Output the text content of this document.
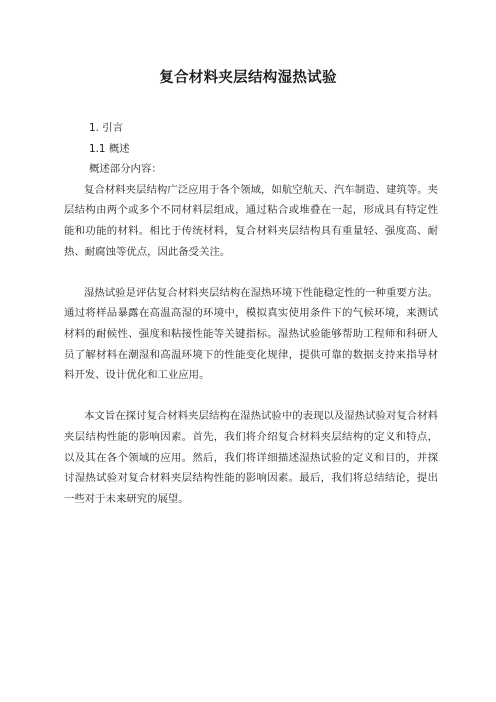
复合材料夹层结构湿热试验

1. 引言

1.1 概述

概述部分内容：

复合材料夹层结构广泛应用于各个领域，如航空航天、汽车制造、建筑等。夹层结构由两个或多个不同材料层组成，通过粘合或堆叠在一起，形成具有特定性能和功能的材料。相比于传统材料，复合材料夹层结构具有重量轻、强度高、耐热、耐腐蚀等优点，因此备受关注。

湿热试验是评估复合材料夹层结构在湿热环境下性能稳定性的一种重要方法。通过将样品暴露在高温高湿的环境中，模拟真实使用条件下的气候环境，来测试材料的耐候性、强度和粘接性能等关键指标。湿热试验能够帮助工程师和科研人员了解材料在潮湿和高温环境下的性能变化规律，提供可靠的数据支持来指导材料开发、设计优化和工业应用。

本文旨在探讨复合材料夹层结构在湿热试验中的表现以及湿热试验对复合材料夹层结构性能的影响因素。首先，我们将介绍复合材料夹层结构的定义和特点，以及其在各个领域的应用。然后，我们将详细描述湿热试验的定义和目的，并探讨湿热试验对复合材料夹层结构性能的影响因素。最后，我们将总结结论，提出一些对于未来研究的展望。
